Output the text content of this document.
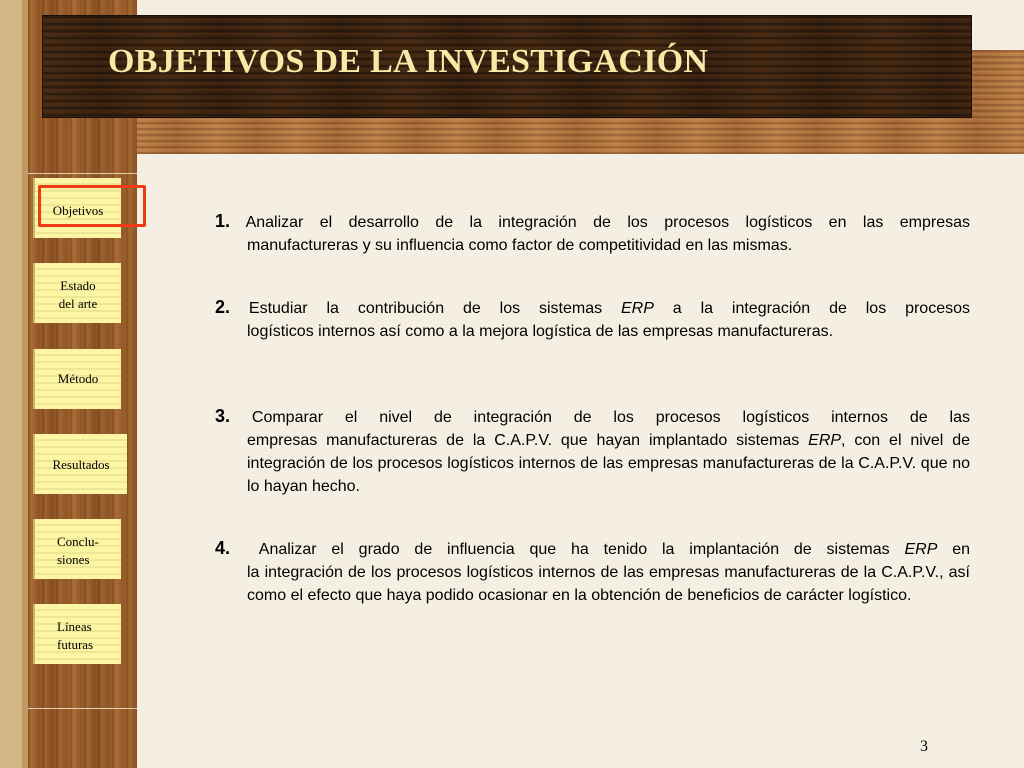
OBJETIVOS DE LA INVESTIGACIÓN
Objetivos
Estado
del arte
Método
Resultados
Conclu-
siones
Líneas
futuras
1. Analizar el desarrollo de la integración de los procesos logísticos en las empresas
manufactureras y su influencia como factor de competitividad en las mismas.
2. Estudiar la contribución de los sistemas ERP a la integración de los procesos
logísticos internos así como a la mejora logística de las empresas manufactureras.
3. Comparar el nivel de integración de los procesos logísticos internos de las
empresas manufactureras de la C.A.P.V. que hayan implantado sistemas ERP, con el nivel de integración de los procesos logísticos internos de las empresas manufactureras de la C.A.P.V. que no lo hayan hecho.
4. Analizar el grado de influencia que ha tenido la implantación de sistemas ERP en
la integración de los procesos logísticos internos de las empresas manufactureras de la C.A.P.V., así como el efecto que haya podido ocasionar en la obtención de beneficios de carácter logístico.
3
